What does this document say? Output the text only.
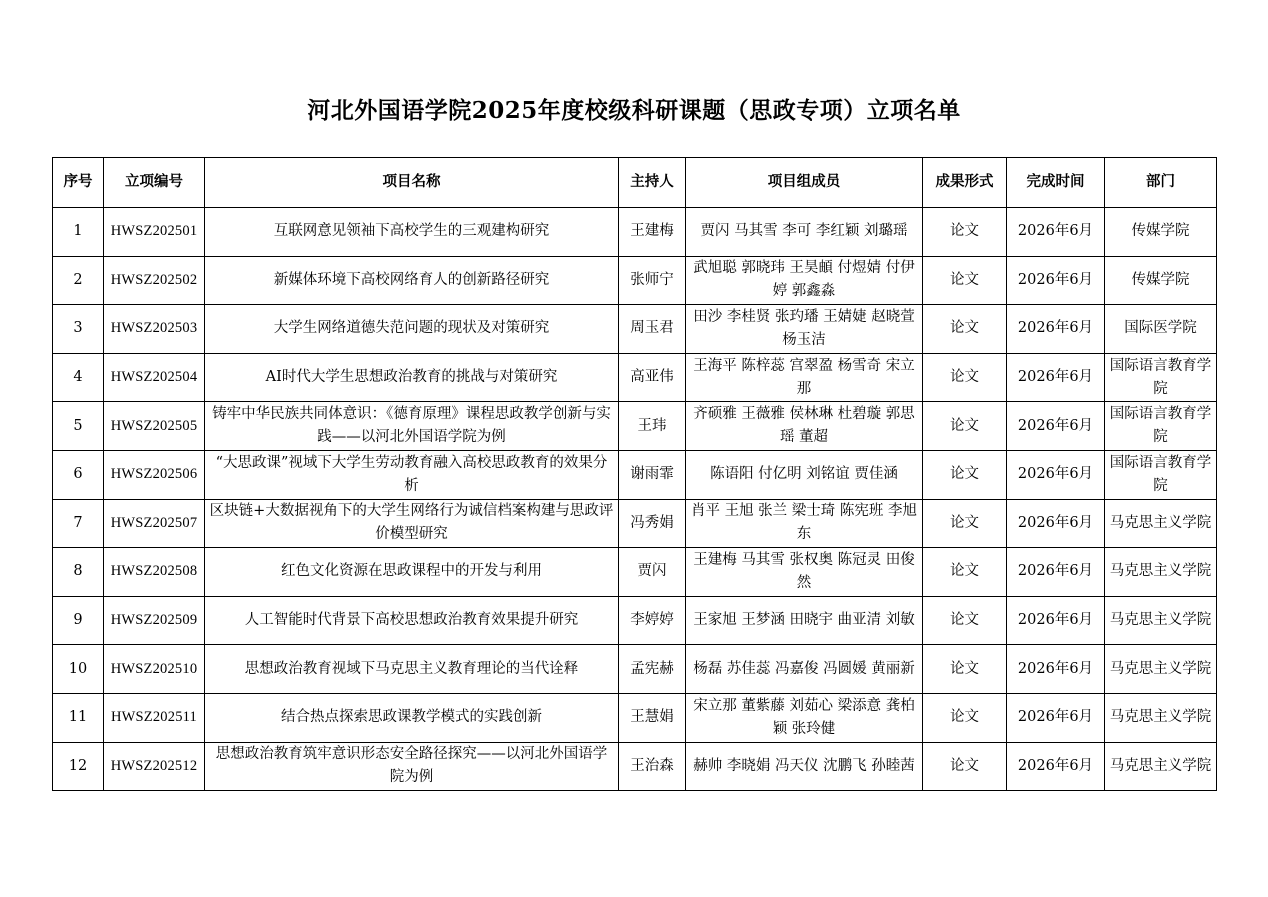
河北外国语学院2025年度校级科研课题（思政专项）立项名单
序号	立项编号	项目名称	主持人	项目组成员	成果形式	完成时间	部门
1	HWSZ202501	互联网意见领袖下高校学生的三观建构研究	王建梅	贾闪 马其雪 李可 李红颖 刘璐瑶	论文	2026年6月	传媒学院
2	HWSZ202502	新媒体环境下高校网络育人的创新路径研究	张师宁	武旭聪 郭晓玮 王昊頔 付煜婧 付伊婷 郭鑫淼	论文	2026年6月	传媒学院
3	HWSZ202503	大学生网络道德失范问题的现状及对策研究	周玉君	田沙 李桂贤 张玓璠 王婧婕 赵晓萱 杨玉洁	论文	2026年6月	国际医学院
4	HWSZ202504	AI时代大学生思想政治教育的挑战与对策研究	高亚伟	王海平 陈梓蕊 宫翠盈 杨雪奇 宋立那	论文	2026年6月	国际语言教育学院
5	HWSZ202505	铸牢中华民族共同体意识：《德育原理》课程思政教学创新与实践——以河北外国语学院为例	王玮	齐硕雅 王薇雅 侯林琳 杜碧璇 郭思瑶 董超	论文	2026年6月	国际语言教育学院
6	HWSZ202506	“大思政课”视域下大学生劳动教育融入高校思政教育的效果分析	谢雨霏	陈语阳 付亿明 刘铭谊 贾佳涵	论文	2026年6月	国际语言教育学院
7	HWSZ202507	区块链+大数据视角下的大学生网络行为诚信档案构建与思政评价模型研究	冯秀娟	肖平 王旭 张兰 梁士琦 陈宪班 李旭东	论文	2026年6月	马克思主义学院
8	HWSZ202508	红色文化资源在思政课程中的开发与利用	贾闪	王建梅 马其雪 张权奥 陈冠灵 田俊然	论文	2026年6月	马克思主义学院
9	HWSZ202509	人工智能时代背景下高校思想政治教育效果提升研究	李婷婷	王家旭 王梦涵 田晓宇 曲亚清 刘敏	论文	2026年6月	马克思主义学院
10	HWSZ202510	思想政治教育视域下马克思主义教育理论的当代诠释	孟宪赫	杨磊 苏佳蕊 冯嘉俊 冯圆媛 黄丽新	论文	2026年6月	马克思主义学院
11	HWSZ202511	结合热点探索思政课教学模式的实践创新	王慧娟	宋立那 董紫藤 刘茹心 梁添意 龚柏颖 张玲健	论文	2026年6月	马克思主义学院
12	HWSZ202512	思想政治教育筑牢意识形态安全路径探究——以河北外国语学院为例	王治森	赫帅 李晓娟 冯天仪 沈鹏飞 孙睦茜	论文	2026年6月	马克思主义学院
